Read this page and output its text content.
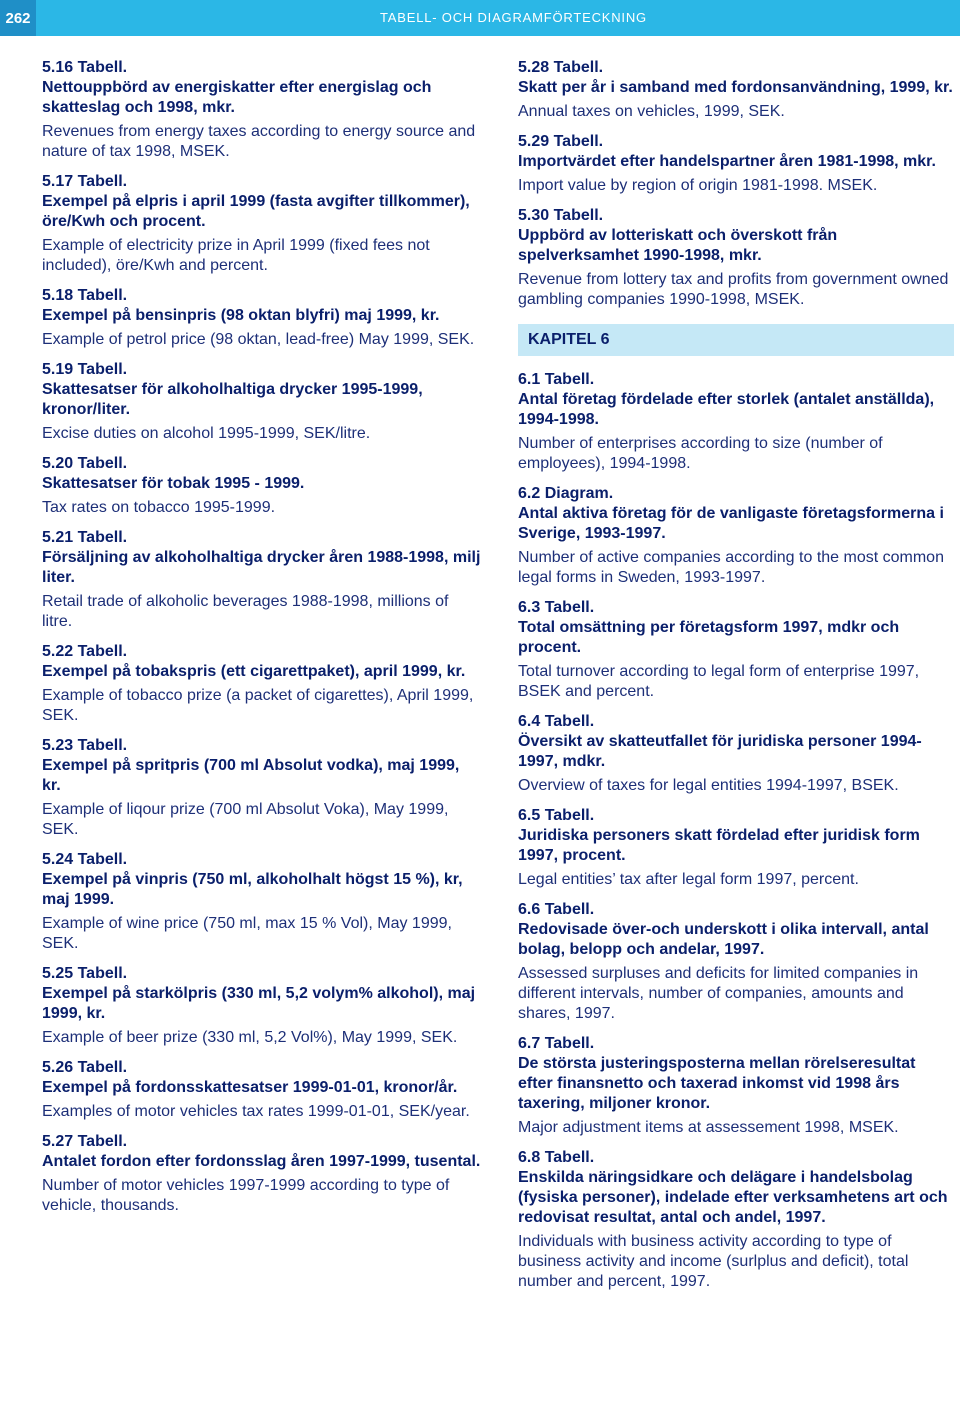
262	TABELL- OCH DIAGRAMFÖRTECKNING
5.16 Tabell.
Nettouppbörd av energiskatter efter energislag och skatteslag och 1998, mkr.
Revenues from energy taxes according to energy source and nature of tax 1998, MSEK.
5.17 Tabell.
Exempel på elpris i april 1999 (fasta avgifter tillkommer), öre/Kwh och procent.
Example of electricity prize in April 1999 (fixed fees not included), öre/Kwh and percent.
5.18 Tabell.
Exempel på bensinpris (98 oktan blyfri) maj 1999, kr.
Example of petrol price (98 oktan, lead-free) May 1999, SEK.
5.19 Tabell.
Skattesatser för alkoholhaltiga drycker 1995-1999, kronor/liter.
Excise duties on alcohol 1995-1999, SEK/litre.
5.20 Tabell.
Skattesatser för tobak 1995 - 1999.
Tax rates on tobacco 1995-1999.
5.21 Tabell.
Försäljning av alkoholhaltiga drycker åren 1988-1998, milj liter.
Retail trade of alkoholic beverages 1988-1998, millions of litre.
5.22 Tabell.
Exempel på tobakspris (ett cigarettpaket), april 1999, kr.
Example of tobacco prize (a packet of cigarettes), April 1999, SEK.
5.23 Tabell.
Exempel på spritpris (700 ml Absolut vodka), maj 1999, kr.
Example of liqour prize (700 ml Absolut Voka), May 1999, SEK.
5.24 Tabell.
Exempel på vinpris (750 ml, alkoholhalt högst 15 %), kr, maj 1999.
Example of wine price (750 ml, max 15 % Vol), May 1999, SEK.
5.25 Tabell.
Exempel på starkölpris (330 ml, 5,2 volym% alkohol), maj 1999, kr.
Example of beer prize (330 ml, 5,2 Vol%), May 1999, SEK.
5.26 Tabell.
Exempel på fordonsskattesatser 1999-01-01, kronor/år.
Examples of motor vehicles tax rates 1999-01-01, SEK/year.
5.27 Tabell.
Antalet fordon efter fordonsslag åren 1997-1999, tusental.
Number of motor vehicles 1997-1999 according to type of vehicle, thousands.
5.28 Tabell.
Skatt per år i samband med fordonsanvändning, 1999, kr.
Annual taxes on vehicles, 1999, SEK.
5.29 Tabell.
Importvärdet efter handelspartner åren 1981-1998, mkr.
Import value by region of origin 1981-1998. MSEK.
5.30 Tabell.
Uppbörd av lotteriskatt och överskott från spelverksamhet 1990-1998, mkr.
Revenue from lottery tax and profits from government owned gambling companies 1990-1998, MSEK.
KAPITEL 6
6.1 Tabell.
Antal företag fördelade efter storlek (antalet anställda), 1994-1998.
Number of enterprises according to size (number of employees), 1994-1998.
6.2 Diagram.
Antal aktiva företag för de vanligaste företagsformerna i Sverige, 1993-1997.
Number of active companies according to the most common legal forms in Sweden, 1993-1997.
6.3 Tabell.
Total omsättning per företagsform 1997, mdkr och procent.
Total turnover according to legal form of enterprise 1997, BSEK and percent.
6.4 Tabell.
Översikt av skatteutfallet för juridiska personer 1994-1997, mdkr.
Overview of taxes for legal entities 1994-1997, BSEK.
6.5 Tabell.
Juridiska personers skatt fördelad efter juridisk form 1997, procent.
Legal entities’ tax after legal form 1997, percent.
6.6 Tabell.
Redovisade över-och underskott i olika intervall, antal bolag, belopp och andelar, 1997.
Assessed surpluses and deficits for limited companies in different intervals, number of companies, amounts and shares, 1997.
6.7 Tabell.
De största justeringsposterna mellan rörelseresultat efter finansnetto och taxerad inkomst vid 1998 års taxering, miljoner kronor.
Major adjustment items at assessement 1998, MSEK.
6.8 Tabell.
Enskilda näringsidkare och delägare i handelsbolag (fysiska personer), indelade efter verksamhetens art och redovisat resultat, antal och andel, 1997.
Individuals with business activity according to type of business activity and income (surlplus and deficit), total number and percent, 1997.
